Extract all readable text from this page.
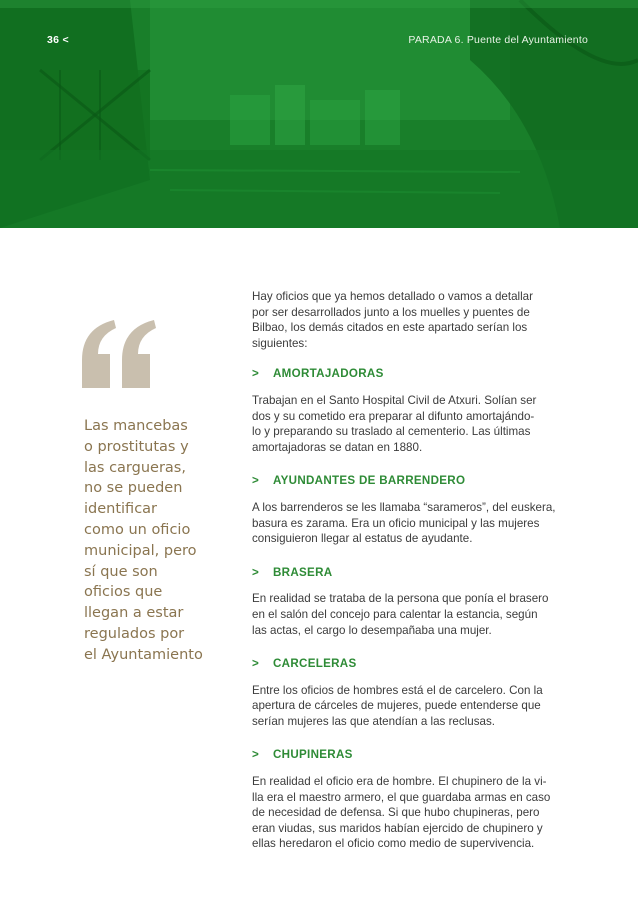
36 <	PARADA 6. Puente del Ayuntamiento
Las mancebas
o prostitutas y
las cargueras,
no se pueden
identificar
como un oficio
municipal, pero
sí que son
oficios que
llegan a estar
regulados por
el Ayuntamiento

Hay oficios que ya hemos detallado o vamos a detallar
por ser desarrollados junto a los muelles y puentes de
Bilbao, los demás citados en este apartado serían los
siguientes:

> AMORTAJADORAS

Trabajan en el Santo Hospital Civil de Atxuri. Solían ser
dos y su cometido era preparar al difunto amortajándo-
lo y preparando su traslado al cementerio. Las últimas
amortajadoras se datan en 1880.

> AYUNDANTES DE BARRENDERO

A los barrenderos se les llamaba “sarameros”, del euskera,
basura es zarama. Era un oficio municipal y las mujeres
consiguieron llegar al estatus de ayudante.

> BRASERA

En realidad se trataba de la persona que ponía el brasero
en el salón del concejo para calentar la estancia, según
las actas, el cargo lo desempañaba una mujer.

> CARCELERAS

Entre los oficios de hombres está el de carcelero. Con la
apertura de cárceles de mujeres, puede entenderse que
serían mujeres las que atendían a las reclusas.

> CHUPINERAS

En realidad el oficio era de hombre. El chupinero de la vi-
lla era el maestro armero, el que guardaba armas en caso
de necesidad de defensa. Si que hubo chupineras, pero
eran viudas, sus maridos habían ejercido de chupinero y
ellas heredaron el oficio como medio de supervivencia.
